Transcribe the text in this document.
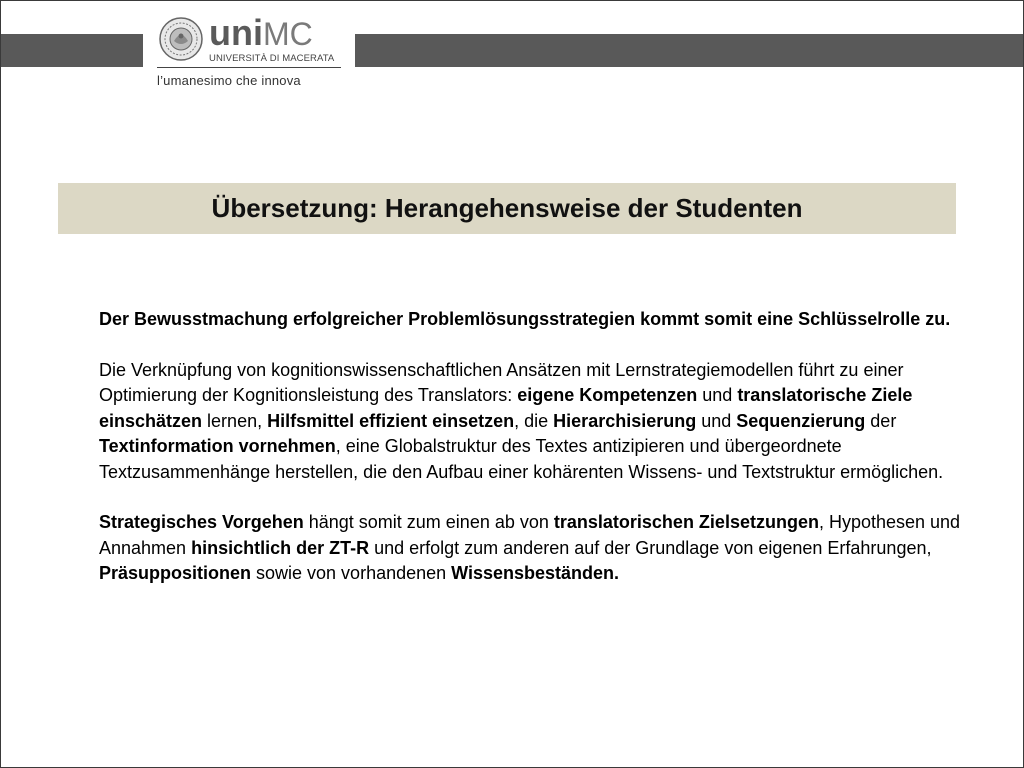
uniMC
UNIVERSITÀ DI MACERATA
l’umanesimo che innova
Übersetzung: Herangehensweise der Studenten

Der Bewusstmachung erfolgreicher Problemlösungsstrategien kommt somit eine Schlüsselrolle zu.

Die Verknüpfung von kognitionswissenschaftlichen Ansätzen mit Lernstrategiemodellen führt zu einer Optimierung der Kognitionsleistung des Translators: eigene Kompetenzen und translatorische Ziele einschätzen lernen, Hilfsmittel effizient einsetzen, die Hierarchisierung und Sequenzierung der Textinformation vornehmen, eine Globalstruktur des Textes antizipieren und übergeordnete Textzusammenhänge herstellen, die den Aufbau einer kohärenten Wissens- und Textstruktur ermöglichen.

Strategisches Vorgehen hängt somit zum einen ab von translatorischen Zielsetzungen, Hypothesen und Annahmen hinsichtlich der ZT-R und erfolgt zum anderen auf der Grundlage von eigenen Erfahrungen, Präsuppositionen sowie von vorhandenen Wissensbeständen.
